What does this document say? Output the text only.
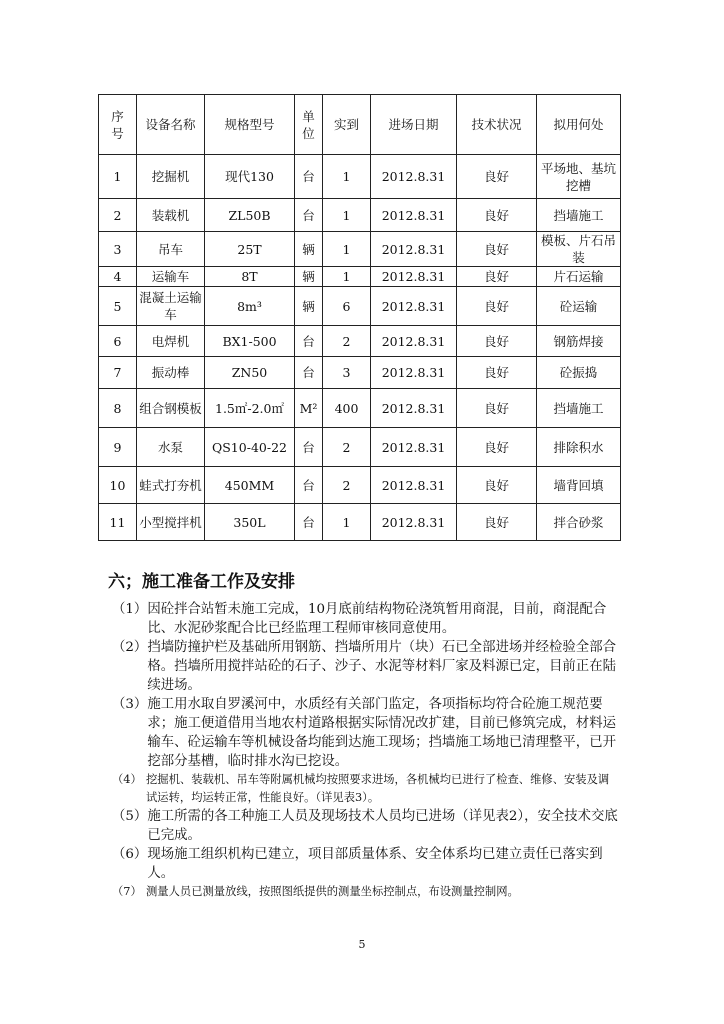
序号	设备名称	规格型号	单位	实到	进场日期	技术状况	拟用何处
1	挖掘机	现代130	台	1	2012.8.31	良好	平场地、基坑挖槽
2	装载机	ZL50B	台	1	2012.8.31	良好	挡墙施工
3	吊车	25T	辆	1	2012.8.31	良好	模板、片石吊装
4	运输车	8T	辆	1	2012.8.31	良好	片石运输
5	混凝土运输车	8m³	辆	6	2012.8.31	良好	砼运输
6	电焊机	BX1-500	台	2	2012.8.31	良好	钢筋焊接
7	振动棒	ZN50	台	3	2012.8.31	良好	砼振捣
8	组合钢模板	1.5㎡-2.0㎡	M²	400	2012.8.31	良好	挡墙施工
9	水泵	QS10-40-22	台	2	2012.8.31	良好	排除积水
10	蛙式打夯机	450MM	台	2	2012.8.31	良好	墙背回填
11	小型搅拌机	350L	台	1	2012.8.31	良好	拌合砂浆
六；施工准备工作及安排

（1） 因砼拌合站暂未施工完成，10月底前结构物砼浇筑暂用商混，目前，商混配合比、水泥砂浆配合比已经监理工程师审核同意使用。

（2） 挡墙防撞护栏及基础所用钢筋、挡墙所用片（块）石已全部进场并经检验全部合格。挡墙所用搅拌站砼的石子、沙子、水泥等材料厂家及料源已定，目前正在陆续进场。

（3） 施工用水取自罗溪河中，水质经有关部门监定，各项指标均符合砼施工规范要求；施工便道借用当地农村道路根据实际情况改扩建，目前已修筑完成，材料运输车、砼运输车等机械设备均能到达施工现场；挡墙施工场地已清理整平，已开挖部分基槽，临时排水沟已挖设。

（4） 挖掘机、装载机、吊车等附属机械均按照要求进场，各机械均已进行了检查、维修、安装及调试运转，均运转正常，性能良好。（详见表3）。

（5） 施工所需的各工种施工人员及现场技术人员均已进场（详见表2），安全技术交底已完成。

（6） 现场施工组织机构已建立，项目部质量体系、安全体系均已建立责任已落实到人。

（7） 测量人员已测量放线，按照图纸提供的测量坐标控制点，布设测量控制网。

5
